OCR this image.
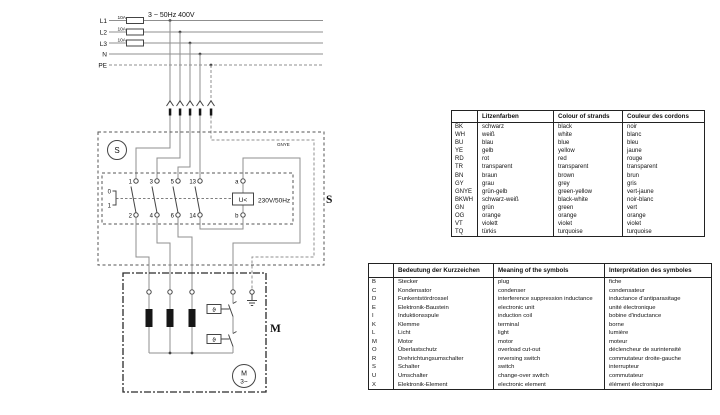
L1
L2
L3
N
PE
10A
10A
10A
3 ~ 50Hz 400V
S
GNYE
S
0
1
1	3	5	13
2	4	6	14
a
b
U< 230V/50Hz
M
ϑ
ϑ
M
3~
	Litzenfarben	Colour of strands	Couleur des cordons
BK	schwarz	black	noir
WH	weiß	white	blanc
BU	blau	blue	bleu
YE	gelb	yellow	jaune
RD	rot	red	rouge
TR	transparent	transparent	transparent
BN	braun	brown	brun
GY	grau	grey	gris
GNYE	grün-gelb	green-yellow	vert-jaune
BKWH	schwarz-weiß	black-white	noir-blanc
GN	grün	green	vert
OG	orange	orange	orange
VT	violett	violet	violet
TQ	türkis	turquoise	turquoise
	Bedeutung der Kurzzeichen	Meaning of the symbols	Interprétation des symboles
B	Stecker	plug	fiche
C	Kondensator	condenser	condensateur
D	Funkentstördrossel	interference suppression inductance	inductance d'antiparasitage
E	Elektronik-Baustein	electronic unit	unité électronique
I	Induktionsspule	induction coil	bobine d'inductance
K	Klemme	terminal	borne
L	Licht	light	lumière
M	Motor	motor	moteur
O	Überlastschutz	overload cut-out	déclencheur de surintensité
R	Drehrichtungsumschalter	reversing switch	commutateur droite-gauche
S	Schalter	switch	interrupteur
U	Umschalter	change-over switch	commutateur
X	Elektronik-Element	electronic element	élément électronique
